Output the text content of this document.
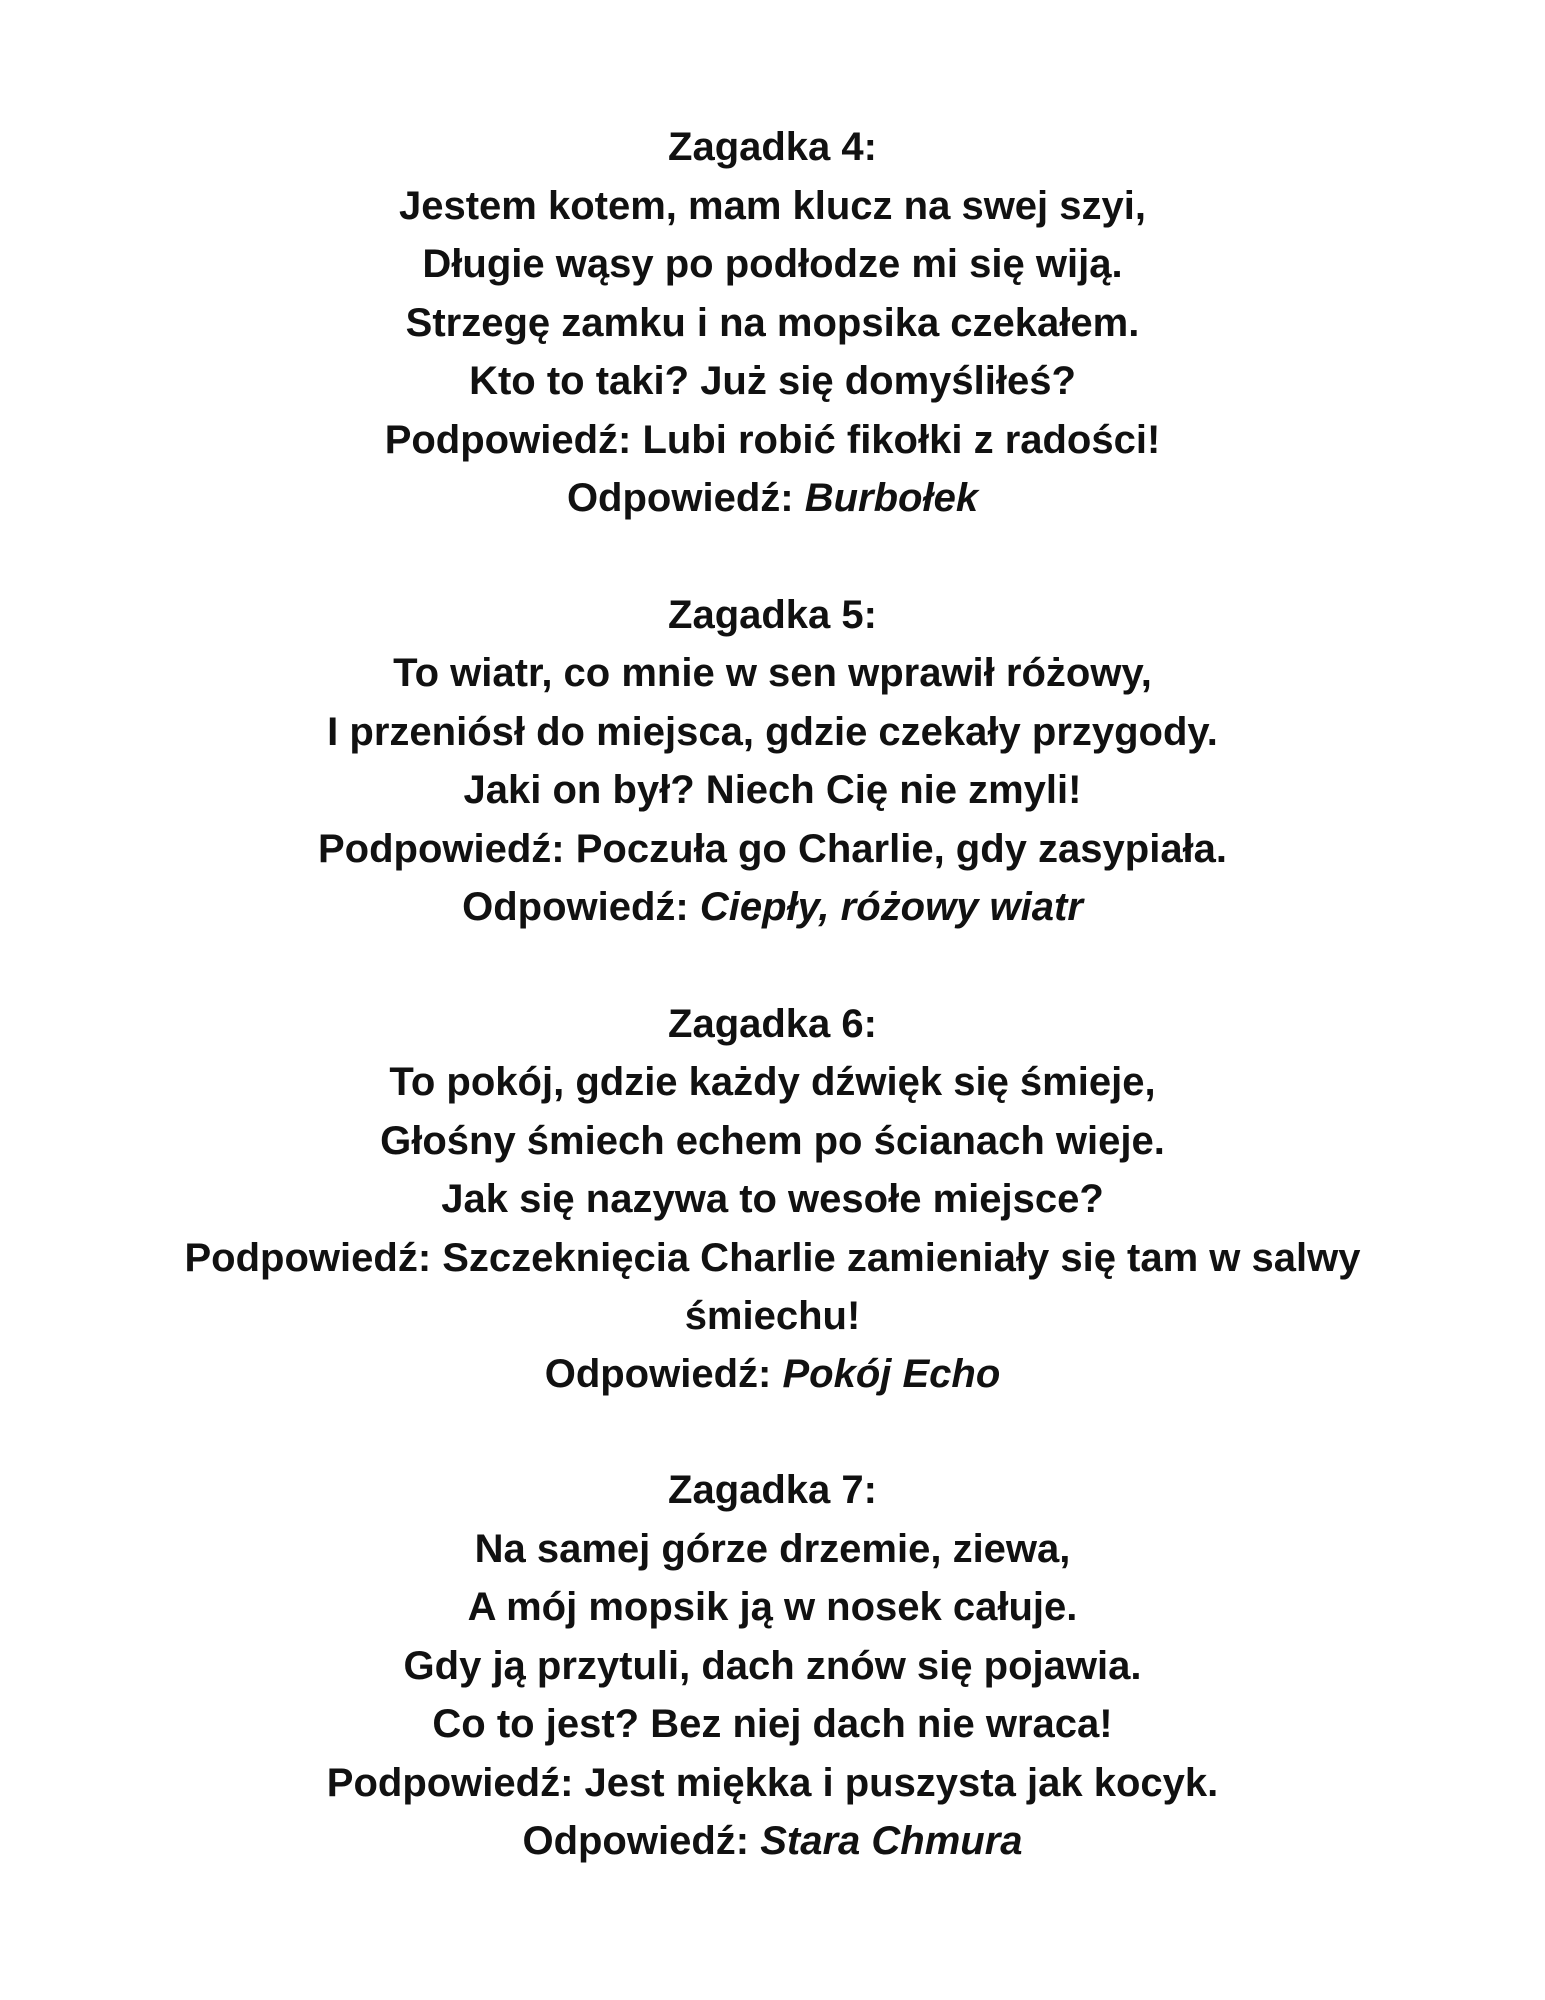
Zagadka 4:
Jestem kotem, mam klucz na swej szyi,
Długie wąsy po podłodze mi się wiją.
Strzegę zamku i na mopsika czekałem.
Kto to taki? Już się domyśliłeś?
Podpowiedź: Lubi robić fikołki z radości!
Odpowiedź: Burbołek
Zagadka 5:
To wiatr, co mnie w sen wprawił różowy,
I przeniósł do miejsca, gdzie czekały przygody.
Jaki on był? Niech Cię nie zmyli!
Podpowiedź: Poczuła go Charlie, gdy zasypiała.
Odpowiedź: Ciepły, różowy wiatr
Zagadka 6:
To pokój, gdzie każdy dźwięk się śmieje,
Głośny śmiech echem po ścianach wieje.
Jak się nazywa to wesołe miejsce?
Podpowiedź: Szczeknięcia Charlie zamieniały się tam w salwy śmiechu!
Odpowiedź: Pokój Echo
Zagadka 7:
Na samej górze drzemie, ziewa,
A mój mopsik ją w nosek całuje.
Gdy ją przytuli, dach znów się pojawia.
Co to jest? Bez niej dach nie wraca!
Podpowiedź: Jest miękka i puszysta jak kocyk.
Odpowiedź: Stara Chmura
